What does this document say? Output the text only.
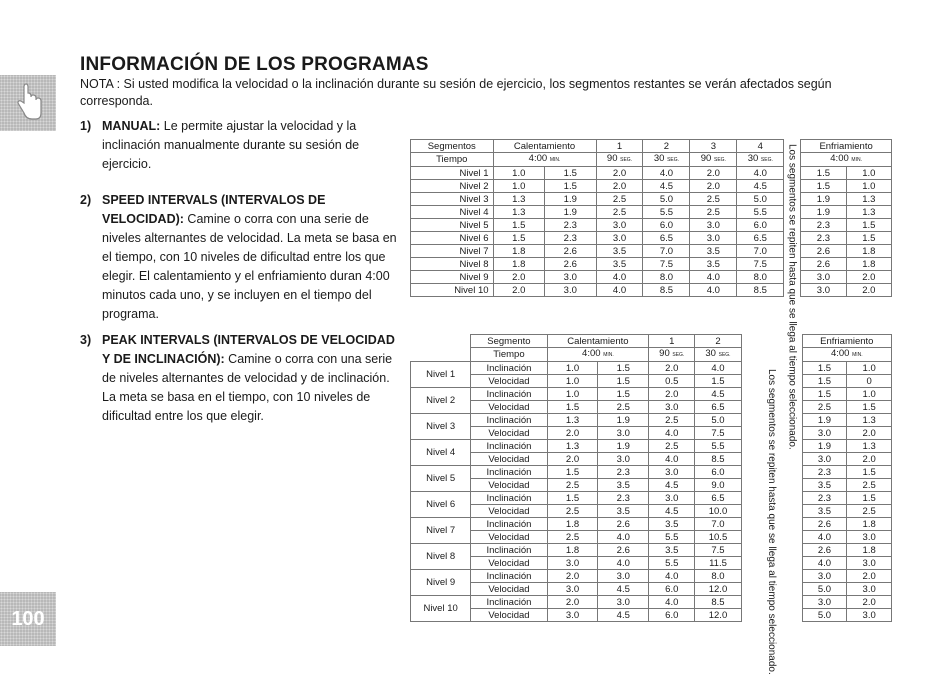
INFORMACIÓN DE LOS PROGRAMAS

NOTA : Si usted modifica la velocidad o la inclinación durante su sesión de ejercicio, los segmentos restantes se verán afectados según corresponda.

1) MANUAL: Le permite ajustar la velocidad y la inclinación manualmente durante su sesión de ejercicio.
2) SPEED INTERVALS (INTERVALOS DE VELOCIDAD): Camine o corra con una serie de niveles alternantes de velocidad. La meta se basa en el tiempo, con 10 niveles de dificultad entre los que elegir. El calentamiento y el enfriamiento duran 4:00 minutos cada uno, y se incluyen en el tiempo del programa.
3) PEAK INTERVALS (INTERVALOS DE VELOCIDAD Y DE INCLINACIÓN): Camine o corra con una serie de niveles alternantes de velocidad y de inclinación. La meta se basa en el tiempo, con 10 niveles de dificultad entre los que elegir.
Segmentos	Calentamiento		1	2	3	4	Los segmentos se repiten hasta que se llega al tiempo seleccionado.	Enfriamiento	
Tiempo	4:00 MIN.		90 SEG.	30 SEG.	90 SEG.	30 SEG.		4:00 MIN.	
Nivel 1	1.0	1.5	2.0	4.0	2.0	4.0		1.5	1.0
Nivel 2	1.0	1.5	2.0	4.5	2.0	4.5		1.5	1.0
Nivel 3	1.3	1.9	2.5	5.0	2.5	5.0		1.9	1.3
Nivel 4	1.3	1.9	2.5	5.5	2.5	5.5		1.9	1.3
Nivel 5	1.5	2.3	3.0	6.0	3.0	6.0		2.3	1.5
Nivel 6	1.5	2.3	3.0	6.5	3.0	6.5		2.3	1.5
Nivel 7	1.8	2.6	3.5	7.0	3.5	7.0		2.6	1.8
Nivel 8	1.8	2.6	3.5	7.5	3.5	7.5		2.6	1.8
Nivel 9	2.0	3.0	4.0	8.0	4.0	8.0		3.0	2.0
Nivel 10	2.0	3.0	4.0	8.5	4.0	8.5		3.0	2.0
	Segmento	Calentamiento		1	2	Los segmentos se repiten hasta que se llega al tiempo seleccionado.	Enfriamiento	
	Tiempo	4:00 MIN.		90 SEG.	30 SEG.		4:00 MIN.	
Nivel 1	Inclinación	1.0	1.5	2.0	4.0		1.5	1.0
	Velocidad	1.0	1.5	0.5	1.5		1.5	0
Nivel 2	Inclinación	1.0	1.5	2.0	4.5		1.5	1.0
	Velocidad	1.5	2.5	3.0	6.5		2.5	1.5
Nivel 3	Inclinación	1.3	1.9	2.5	5.0		1.9	1.3
	Velocidad	2.0	3.0	4.0	7.5		3.0	2.0
Nivel 4	Inclinación	1.3	1.9	2.5	5.5		1.9	1.3
	Velocidad	2.0	3.0	4.0	8.5		3.0	2.0
Nivel 5	Inclinación	1.5	2.3	3.0	6.0		2.3	1.5
	Velocidad	2.5	3.5	4.5	9.0		3.5	2.5
Nivel 6	Inclinación	1.5	2.3	3.0	6.5		2.3	1.5
	Velocidad	2.5	3.5	4.5	10.0		3.5	2.5
Nivel 7	Inclinación	1.8	2.6	3.5	7.0		2.6	1.8
	Velocidad	2.5	4.0	5.5	10.5		4.0	3.0
Nivel 8	Inclinación	1.8	2.6	3.5	7.5		2.6	1.8
	Velocidad	3.0	4.0	5.5	11.5		4.0	3.0
Nivel 9	Inclinación	2.0	3.0	4.0	8.0		3.0	2.0
	Velocidad	3.0	4.5	6.0	12.0		5.0	3.0
Nivel 10	Inclinación	2.0	3.0	4.0	8.5		3.0	2.0
	Velocidad	3.0	4.5	6.0	12.0		5.0	3.0
100
